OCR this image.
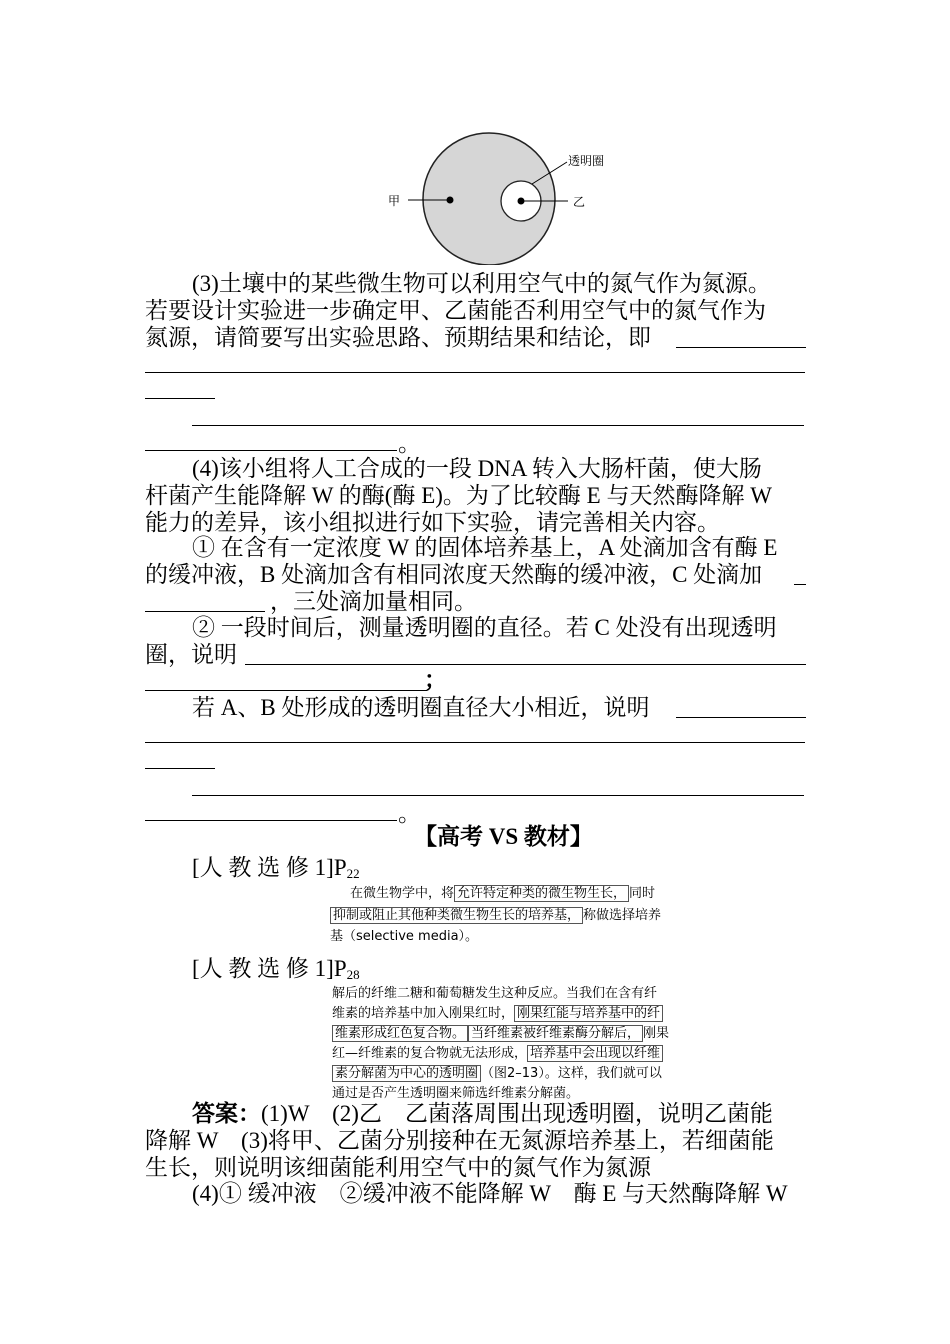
甲	乙
透明圈
(3)土壤中的某些微生物可以利用空气中的氮气作为氮源。
若要设计实验进一步确定甲、乙菌能否利用空气中的氮气作为
氮源，请简要写出实验思路、预期结果和结论，即
。
(4)该小组将人工合成的一段 DNA 转入大肠杆菌，使大肠
杆菌产生能降解 W 的酶(酶 E)。为了比较酶 E 与天然酶降解 W
能力的差异，该小组拟进行如下实验，请完善相关内容。
① 在含有一定浓度 W 的固体培养基上，A 处滴加含有酶 E
的缓冲液，B 处滴加含有相同浓度天然酶的缓冲液，C 处滴加
，三处滴加量相同。
② 一段时间后，测量透明圈的直径。若 C 处没有出现透明
圈，说明
；
若 A、B 处形成的透明圈直径大小相近，说明
。
【高考 VS 教材】
[人 教 选 修 $1]P_{22}$
在微生物学中，将 允许特定种类的微生物生长， 同时
抑制或阻止其他种类微生物生长的培养基， 称做选择培养
基（selective media）。
[人 教 选 修 $1]P_{28}$
解后的纤维二糖和葡萄糖发生这种反应。当我们在含有纤
维素的培养基中加入刚果红时， 刚果红能与培养基中的纤
维素形成红色复合物。 当纤维素被纤维素酶分解后， 刚果
红—纤维素的复合物就无法形成， 培养基中会出现以纤维
素分解菌为中心的透明圈 （图2–13）。这样，我们就可以
通过是否产生透明圈来筛选纤维素分解菌。
答案：(1)W　(2)乙　乙菌落周围出现透明圈，说明乙菌能
降解 W　(3)将甲、乙菌分别接种在无氮源培养基上，若细菌能
生长，则说明该细菌能利用空气中的氮气作为氮源
(4)① 缓冲液　②缓冲液不能降解 W　酶 E 与天然酶降解 W
